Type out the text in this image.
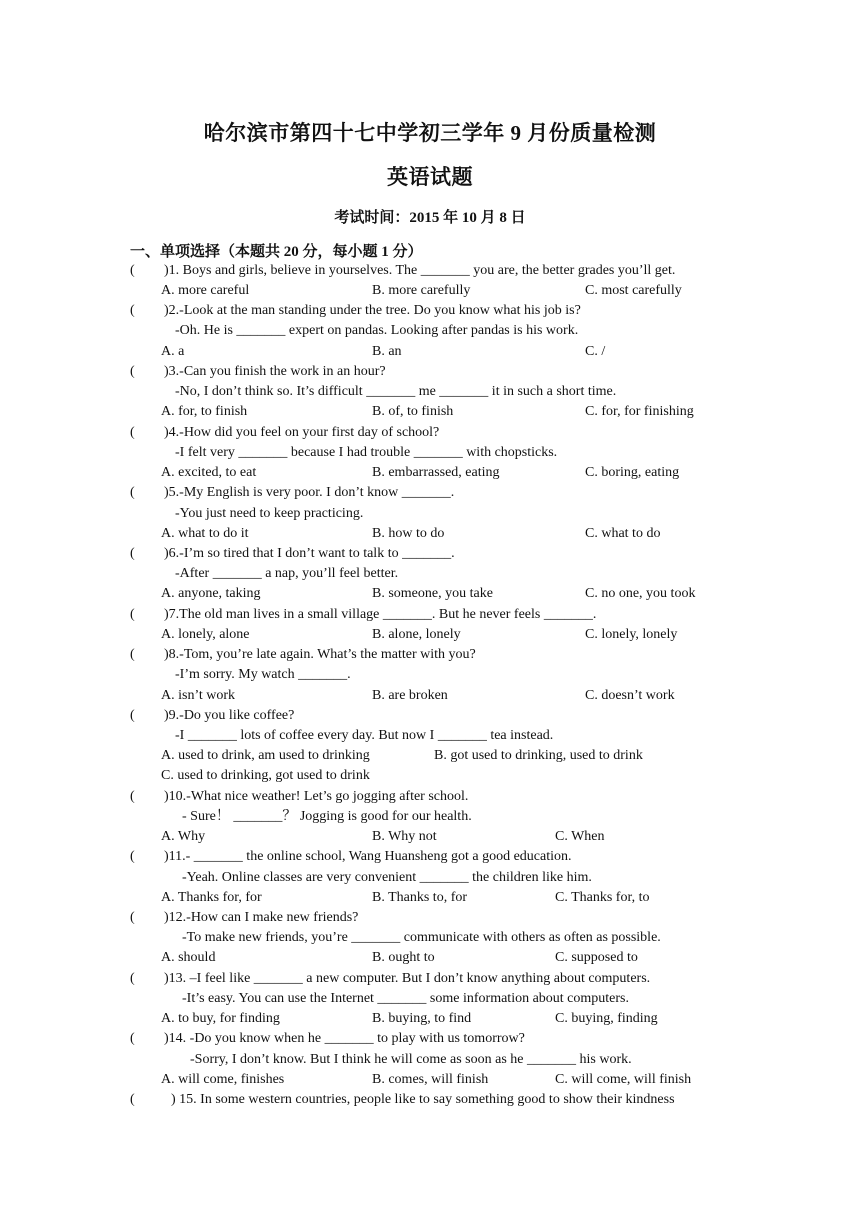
哈尔滨市第四十七中学初三学年 9 月份质量检测
英语试题
考试时间：2015 年 10 月 8 日
一、单项选择（本题共 20 分，每小题 1 分）
( )1. Boys and girls, believe in yourselves. The _______ you are, the better grades you’ll get.
A. more careful	B. more carefully	C. most carefully
( )2.-Look at the man standing under the tree. Do you know what his job is?
-Oh. He is _______ expert on pandas. Looking after pandas is his work.
A. a	B. an	C. /
( )3.-Can you finish the work in an hour?
-No, I don’t think so. It’s difficult _______ me _______ it in such a short time.
A. for, to finish	B. of, to finish	C. for, for finishing
( )4.-How did you feel on your first day of school?
-I felt very _______ because I had trouble _______ with chopsticks.
A. excited, to eat	B. embarrassed, eating	C. boring, eating
( )5.-My English is very poor. I don’t know _______.
-You just need to keep practicing.
A. what to do it	B. how to do	C. what to do
( )6.-I’m so tired that I don’t want to talk to _______.
-After _______ a nap, you’ll feel better.
A. anyone, taking	B. someone, you take	C. no one, you took
( )7.The old man lives in a small village _______. But he never feels _______.
A. lonely, alone	B. alone, lonely	C. lonely, lonely
( )8.-Tom, you’re late again. What’s the matter with you?
-I’m sorry. My watch _______.
A. isn’t work	B. are broken	C. doesn’t work
( )9.-Do you like coffee?
-I _______ lots of coffee every day. But now I _______ tea instead.
A. used to drink, am used to drinking	B. got used to drinking, used to drink
C. used to drinking, got used to drink
( )10.-What nice weather! Let’s go jogging after school.
- Sure！ _______？ Jogging is good for our health.
A. Why	B. Why not	C. When
( )11.- _______ the online school, Wang Huansheng got a good education.
-Yeah. Online classes are very convenient _______ the children like him.
A. Thanks for, for	B. Thanks to, for	C. Thanks for, to
( )12.-How can I make new friends?
-To make new friends, you’re _______ communicate with others as often as possible.
A. should	B. ought to	C. supposed to
( )13. –I feel like _______ a new computer. But I don’t know anything about computers.
-It’s easy. You can use the Internet _______ some information about computers.
A. to buy, for finding	B. buying, to find	C. buying, finding
( )14. -Do you know when he _______ to play with us tomorrow?
-Sorry, I don’t know. But I think he will come as soon as he _______ his work.
A. will come, finishes	B. comes, will finish	C. will come, will finish
(	) 15. In some western countries, people like to say something good to show their kindness
